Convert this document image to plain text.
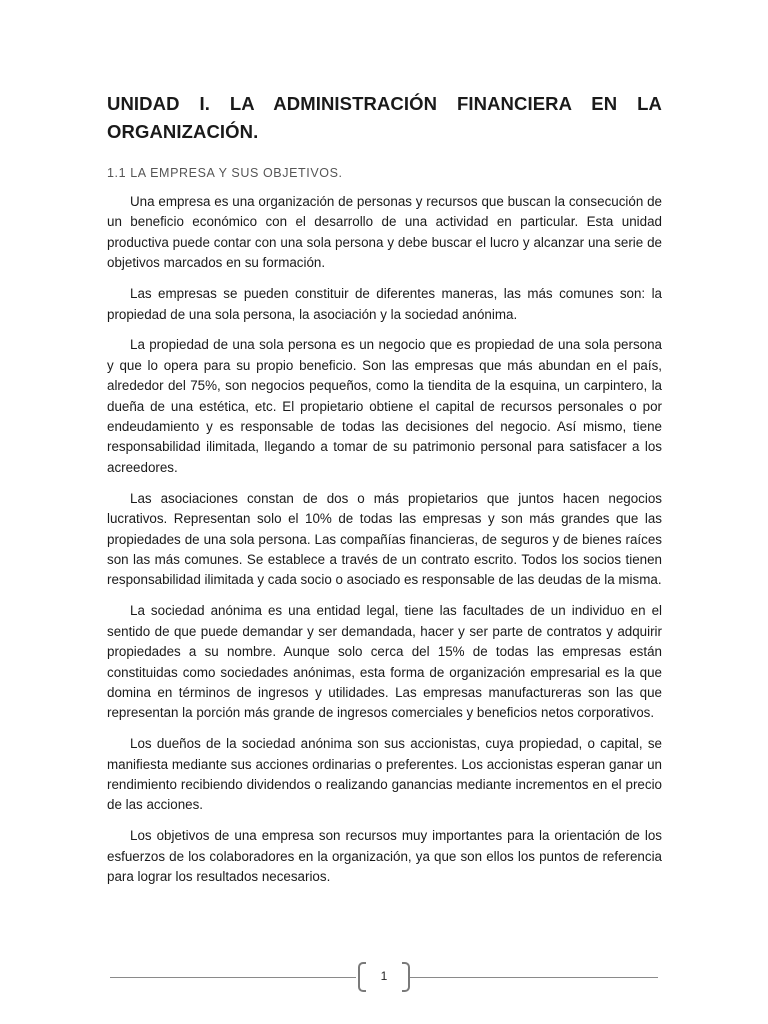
UNIDAD I. LA ADMINISTRACIÓN FINANCIERA EN LA
ORGANIZACIÓN.
1.1 LA EMPRESA Y SUS OBJETIVOS.

Una empresa es una organización de personas y recursos que buscan la consecución de un beneficio económico con el desarrollo de una actividad en particular. Esta unidad productiva puede contar con una sola persona y debe buscar el lucro y alcanzar una serie de objetivos marcados en su formación.

Las empresas se pueden constituir de diferentes maneras, las más comunes son: la propiedad de una sola persona, la asociación y la sociedad anónima.

La propiedad de una sola persona es un negocio que es propiedad de una sola persona y que lo opera para su propio beneficio. Son las empresas que más abundan en el país, alrededor del 75%, son negocios pequeños, como la tiendita de la esquina, un carpintero, la dueña de una estética, etc. El propietario obtiene el capital de recursos personales o por endeudamiento y es responsable de todas las decisiones del negocio. Así mismo, tiene responsabilidad ilimitada, llegando a tomar de su patrimonio personal para satisfacer a los acreedores.

Las asociaciones constan de dos o más propietarios que juntos hacen negocios lucrativos. Representan solo el 10% de todas las empresas y son más grandes que las propiedades de una sola persona. Las compañías financieras, de seguros y de bienes raíces son las más comunes. Se establece a través de un contrato escrito. Todos los socios tienen responsabilidad ilimitada y cada socio o asociado es responsable de las deudas de la misma.

La sociedad anónima es una entidad legal, tiene las facultades de un individuo en el sentido de que puede demandar y ser demandada, hacer y ser parte de contratos y adquirir propiedades a su nombre. Aunque solo cerca del 15% de todas las empresas están constituidas como sociedades anónimas, esta forma de organización empresarial es la que domina en términos de ingresos y utilidades. Las empresas manufactureras son las que representan la porción más grande de ingresos comerciales y beneficios netos corporativos.

Los dueños de la sociedad anónima son sus accionistas, cuya propiedad, o capital, se manifiesta mediante sus acciones ordinarias o preferentes. Los accionistas esperan ganar un rendimiento recibiendo dividendos o realizando ganancias mediante incrementos en el precio de las acciones.

Los objetivos de una empresa son recursos muy importantes para la orientación de los esfuerzos de los colaboradores en la organización, ya que son ellos los puntos de referencia para lograr los resultados necesarios.

1
